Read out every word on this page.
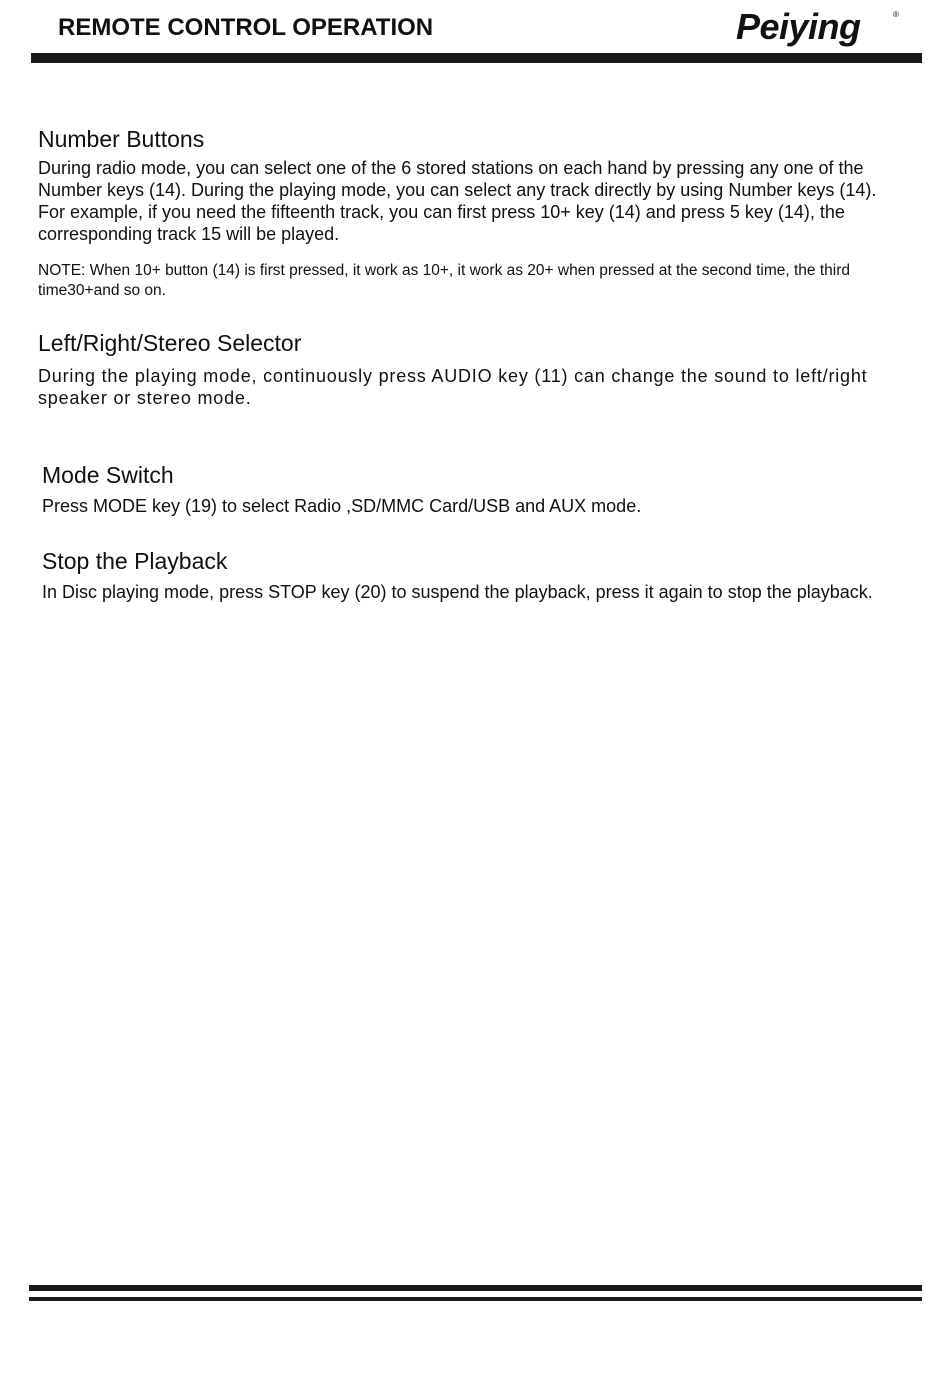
REMOTE CONTROL OPERATION	Peiying	®
Number Buttons

During radio mode, you can select one of the 6 stored stations on each hand by pressing any one of the Number keys (14). During the playing mode, you can select any track directly by using Number keys (14). For example, if you need the fifteenth track, you can first press 10+ key (14) and press 5 key (14), the corresponding track 15 will be played.

NOTE: When 10+ button (14) is first pressed, it work as 10+, it work as 20+ when pressed at the second time, the third time30+and so on.

Left/Right/Stereo Selector

During the playing mode, continuously press AUDIO key (11) can change the sound to left/right speaker or stereo mode.

Mode Switch

Press MODE key (19) to select Radio ,SD/MMC Card/USB and AUX mode.

Stop the Playback

In Disc playing mode, press STOP key (20) to suspend the playback, press it again to stop the playback.
